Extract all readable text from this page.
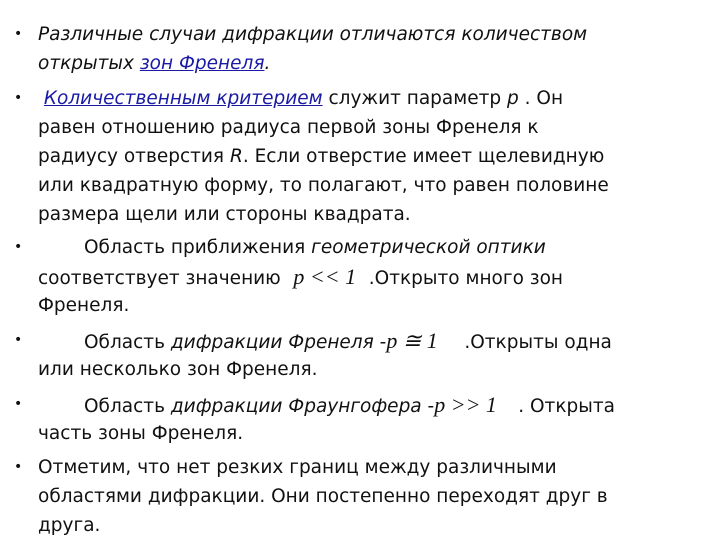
• Различные случаи дифракции отличаются количеством
открытых зон Френеля.
•	Количественным критерием служит параметр p . Он
равен отношению радиуса первой зоны Френеля к
радиусу отверстия R. Если отверстие имеет щелевидную
или квадратную форму, то полагают, что равен половине
размера щели или стороны квадрата.
•	Область приближения геометрической оптики
соответствует значению p << 1 .Открыто много зон
Френеля.
•	Область дифракции Френеля -p ≅ 1 .Открыты одна
или несколько зон Френеля.
•	Область дифракции Фраунгофера -p >> 1 . Открыта
часть зоны Френеля.
• Отметим, что нет резких границ между различными
областями дифракции. Они постепенно переходят друг в
друга.
